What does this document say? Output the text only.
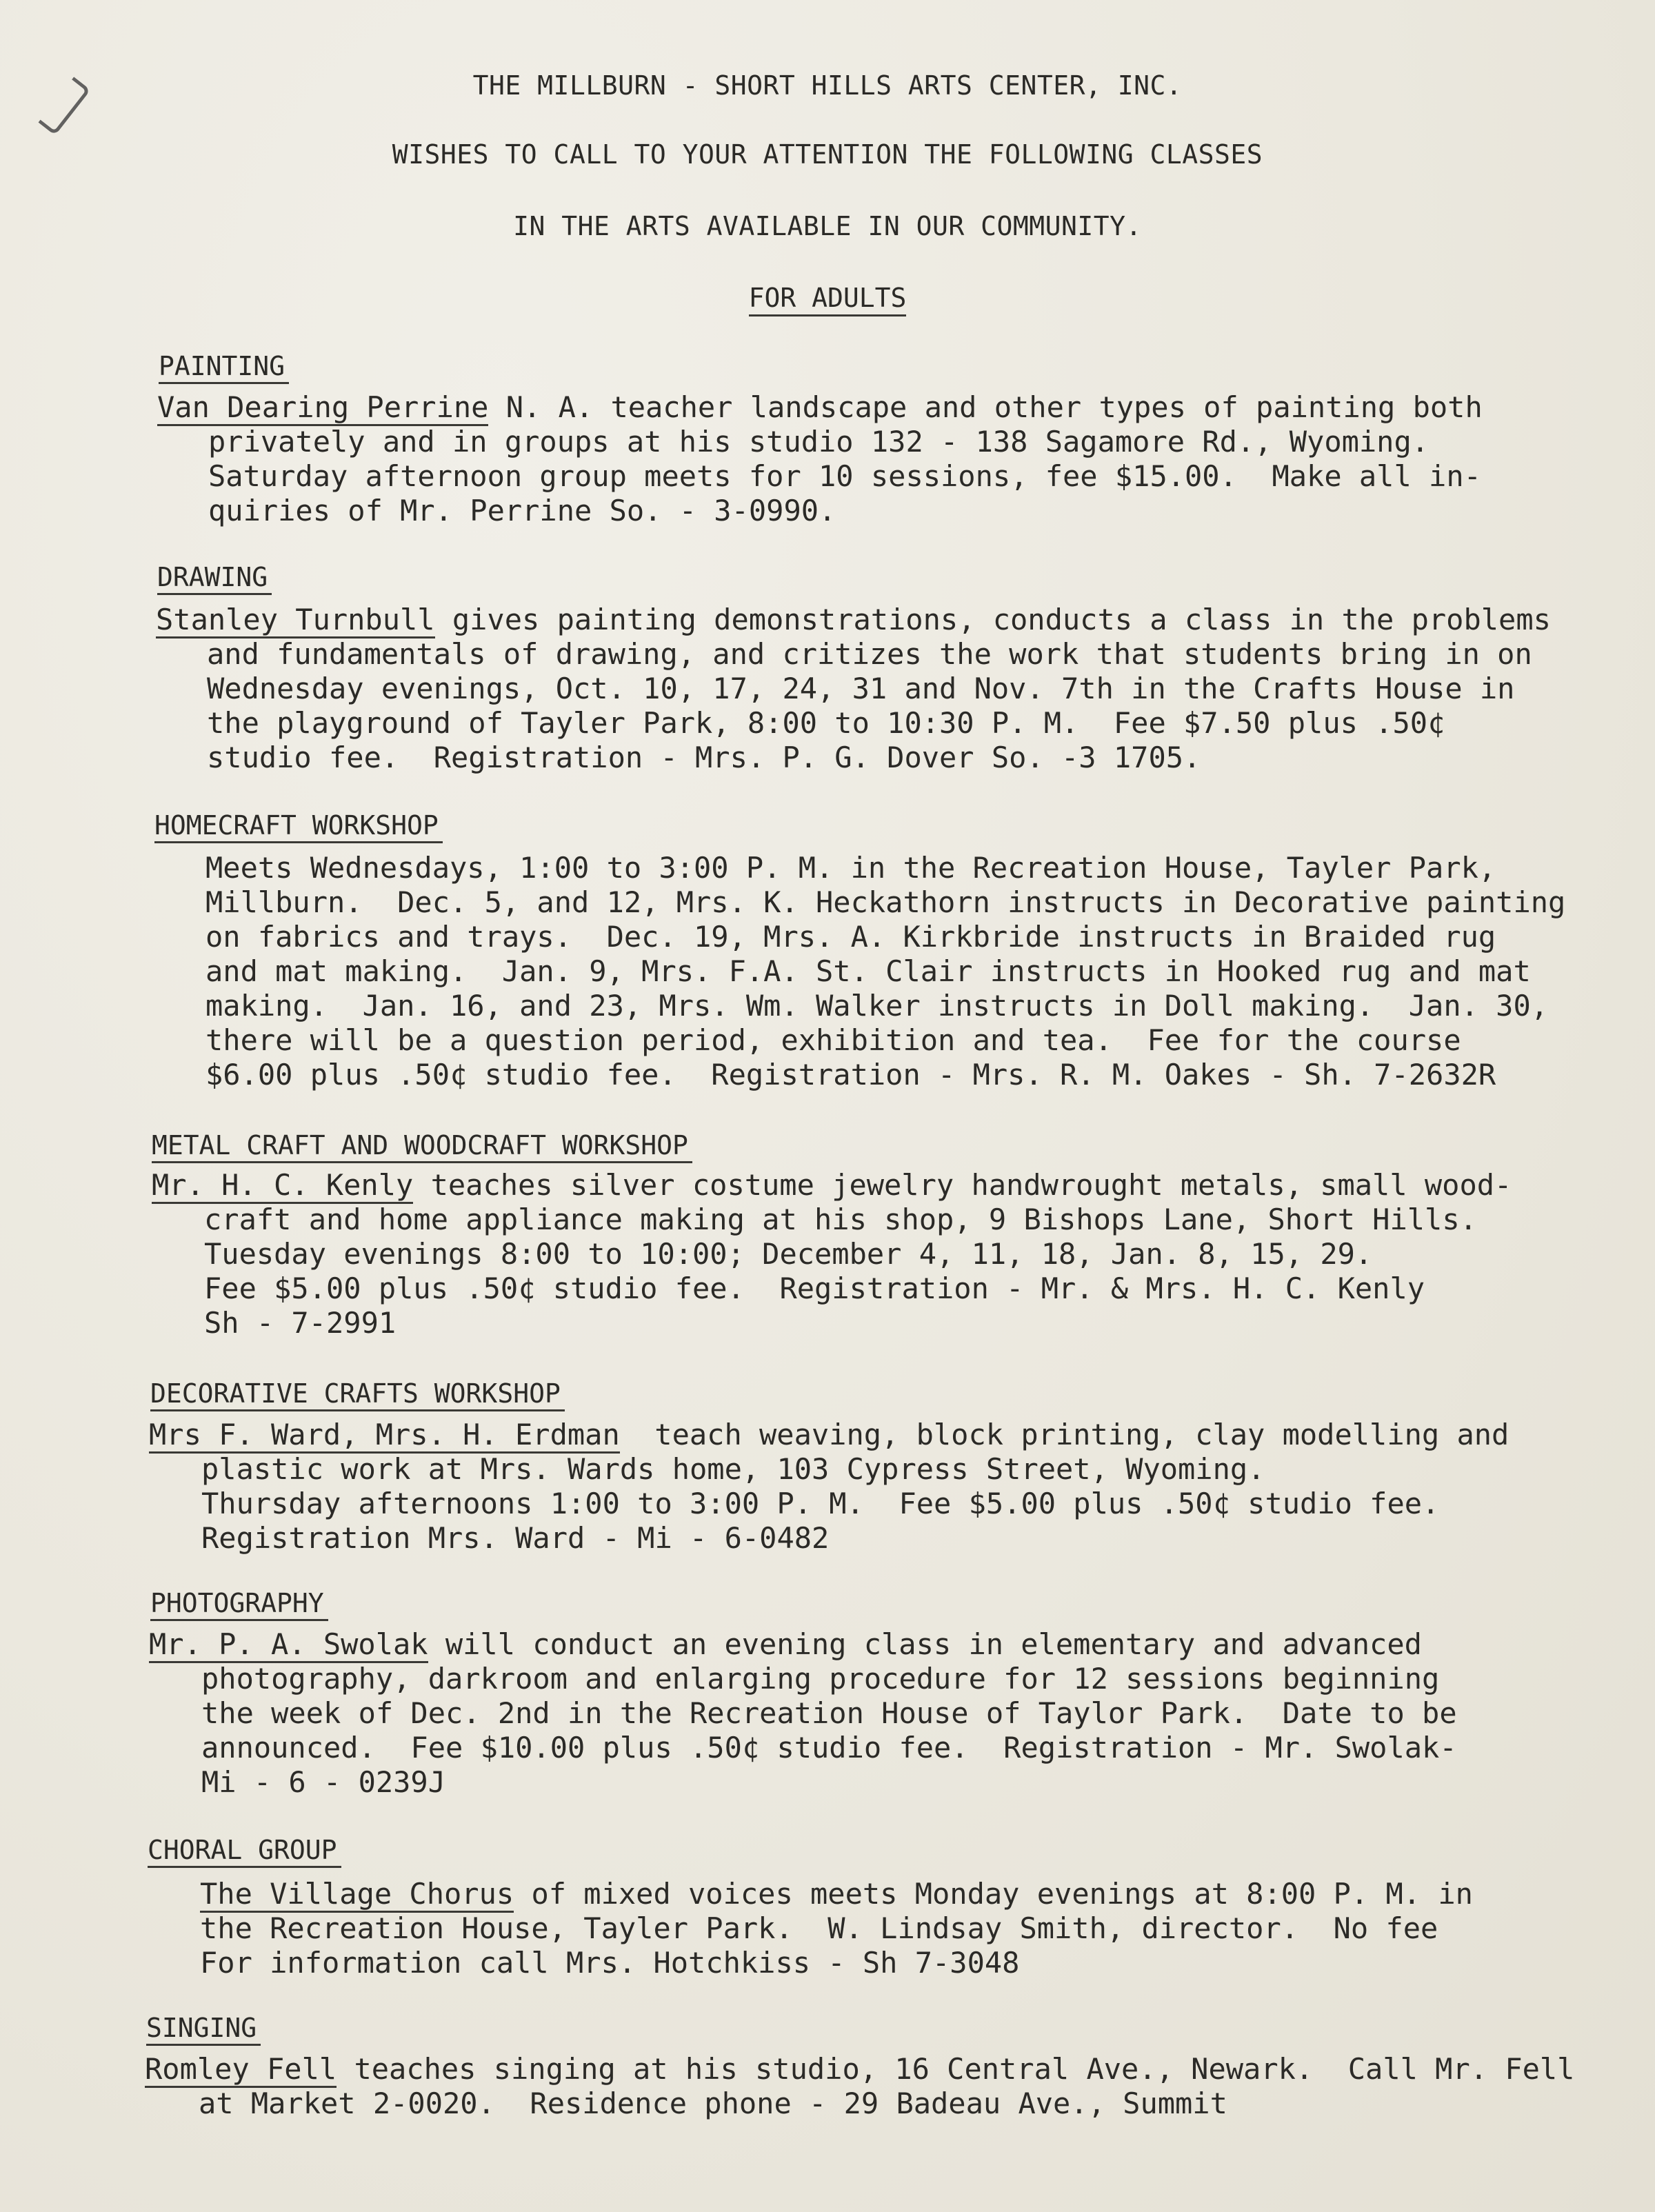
THE MILLBURN - SHORT HILLS ARTS CENTER, INC.
WISHES TO CALL TO YOUR ATTENTION THE FOLLOWING CLASSES
IN THE ARTS AVAILABLE IN OUR COMMUNITY.
FOR ADULTS
PAINTING
Van Dearing Perrine N. A. teacher landscape and other types of painting both
privately and in groups at his studio 132 - 138 Sagamore Rd., Wyoming.
Saturday afternoon group meets for 10 sessions, fee $15.00.  Make all in-
quiries of Mr. Perrine So. - 3-0990.
DRAWING
Stanley Turnbull gives painting demonstrations, conducts a class in the problems
and fundamentals of drawing, and critizes the work that students bring in on
Wednesday evenings, Oct. 10, 17, 24, 31 and Nov. 7th in the Crafts House in
the playground of Tayler Park, 8:00 to 10:30 P. M.  Fee $7.50 plus .50¢
studio fee.  Registration - Mrs. P. G. Dover So. -3 1705.
HOMECRAFT WORKSHOP
Meets Wednesdays, 1:00 to 3:00 P. M. in the Recreation House, Tayler Park,
Millburn.  Dec. 5, and 12, Mrs. K. Heckathorn instructs in Decorative painting
on fabrics and trays.  Dec. 19, Mrs. A. Kirkbride instructs in Braided rug
and mat making.  Jan. 9, Mrs. F.A. St. Clair instructs in Hooked rug and mat
making.  Jan. 16, and 23, Mrs. Wm. Walker instructs in Doll making.  Jan. 30,
there will be a question period, exhibition and tea.  Fee for the course
$6.00 plus .50¢ studio fee.  Registration - Mrs. R. M. Oakes - Sh. 7-2632R
METAL CRAFT AND WOODCRAFT WORKSHOP
Mr. H. C. Kenly teaches silver costume jewelry handwrought metals, small wood-
craft and home appliance making at his shop, 9 Bishops Lane, Short Hills.
Tuesday evenings 8:00 to 10:00; December 4, 11, 18, Jan. 8, 15, 29.
Fee $5.00 plus .50¢ studio fee.  Registration - Mr. & Mrs. H. C. Kenly
Sh - 7-2991
DECORATIVE CRAFTS WORKSHOP
Mrs F. Ward, Mrs. H. Erdman  teach weaving, block printing, clay modelling and
plastic work at Mrs. Wards home, 103 Cypress Street, Wyoming.
Thursday afternoons 1:00 to 3:00 P. M.  Fee $5.00 plus .50¢ studio fee.
Registration Mrs. Ward - Mi - 6-0482
PHOTOGRAPHY
Mr. P. A. Swolak will conduct an evening class in elementary and advanced
photography, darkroom and enlarging procedure for 12 sessions beginning
the week of Dec. 2nd in the Recreation House of Taylor Park.  Date to be
announced.  Fee $10.00 plus .50¢ studio fee.  Registration - Mr. Swolak-
Mi - 6 - 0239J
CHORAL GROUP
The Village Chorus of mixed voices meets Monday evenings at 8:00 P. M. in
the Recreation House, Tayler Park.  W. Lindsay Smith, director.  No fee
For information call Mrs. Hotchkiss - Sh 7-3048
SINGING
Romley Fell teaches singing at his studio, 16 Central Ave., Newark.  Call Mr. Fell
at Market 2-0020.  Residence phone - 29 Badeau Ave., Summit
